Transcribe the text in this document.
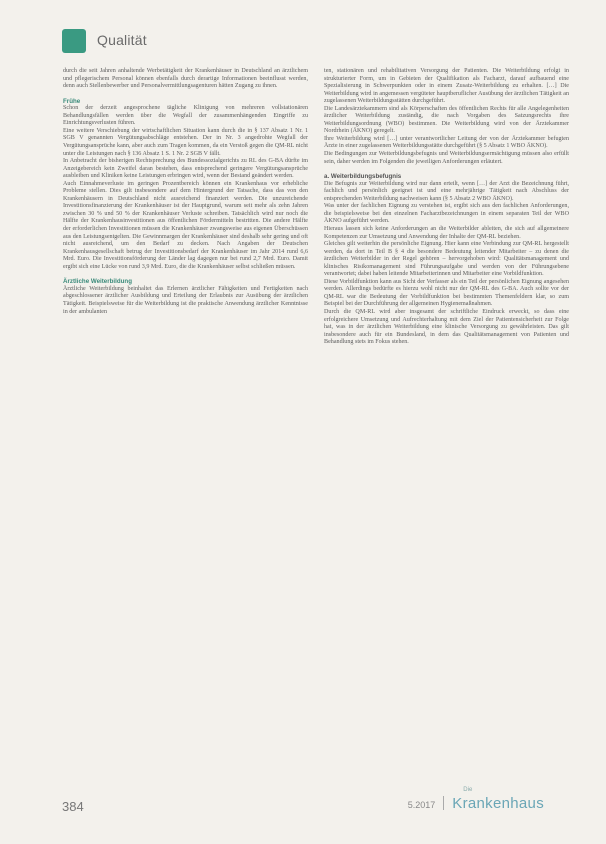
Qualität

durch die seit Jahren anhaltende Werbetätigkeit der Krankenhäuser in Deutschland an ärztlichem und pflegerischem Personal können ebenfalls durch derartige Informationen beeinflusst werden, denn auch Stellenbewerber und Personalvermittlungsagenturen hätten Zugang zu ihnen.

Frühe

Schon der derzeit angesprochene tägliche Klinigung von mehreren vollstationären Behandlungsfällen werden über die Wegfall der zusammenhängenden Eingriffe zu Einrichtungsverlusten führen.

Eine weitere Verschiebung der wirtschaftlichen Situation kann durch die in § 137 Absatz 1 Nr. 1 SGB V genannten Vergütungsabschläge entstehen. Der in Nr. 3 angedrohte Wegfall der Vergütungsansprüche kann, aber auch zum Tragen kommen, da ein Verstoß gegen die QM-RL nicht unter die Leistungen nach § 136 Absatz 1 S. 1 Nr. 2 SGB V fällt.

In Anbetracht der bisherigen Rechtsprechung des Bundessozialgerichts zu RL des G-BA dürfte im Anzeigebereich kein Zweifel daran bestehen, dass entsprechend geringere Vergütungsansprüche ausbleiben und Kliniken keine Leistungen erbringen wird, wenn der Bestand geändert werden.

Auch Einnahmeverluste im geringen Prozentbereich können ein Krankenhaus vor erhebliche Probleme stellen. Dies gilt insbesondere auf dem Hintergrund der Tatsache, dass das von den Krankenhäusern in Deutschland nicht ausreichend finanziert werden. Die unzureichende Investitionsfinanzierung der Krankenhäuser ist der Hauptgrund, warum seit mehr als zehn Jahren zwischen 30 % und 50 % der Krankenhäuser Verluste schreiben. Tatsächlich wird nur noch die Hälfte der Krankenhausinvestitionen aus öffentlichen Fördermitteln bestritten. Die andere Hälfte der erforderlichen Investitionen müssen die Krankenhäuser zwangsweise aus eigenen Überschüssen aus den Leistungsentgelten. Die Gewinnmargen der Krankenhäuser sind deshalb sehr gering und oft nicht ausreichend, um den Bedarf zu decken. Nach Angaben der Deutschen Krankenhausgesellschaft betrug der Investitionsbedarf der Krankenhäuser im Jahr 2014 rund 6,6 Mrd. Euro. Die Investitionsförderung der Länder lag dagegen nur bei rund 2,7 Mrd. Euro. Damit ergibt sich eine Lücke von rund 3,9 Mrd. Euro, die die Krankenhäuser selbst schließen müssen.

Ärztliche Weiterbildung

Ärztliche Weiterbildung beinhaltet das Erlernen ärztlicher Fähigkeiten und Fertigkeiten nach abgeschlossener ärztlicher Ausbildung und Erteilung der Erlaubnis zur Ausübung der ärztlichen Tätigkeit. Beispielsweise für die Weiterbildung ist die praktische Anwendung ärztlicher Kenntnisse in der ambulanten

ten, stationären und rehabilitativen Versorgung der Patienten. Die Weiterbildung erfolgt in strukturierter Form, um in Gebieten der Qualifikation als Facharzt, darauf aufbauend eine Spezialisierung in Schwerpunkten oder in einem Zusatz-Weiterbildung zu erhalten. […] Die Weiterbildung wird in angemessen vergüteter hauptberuflicher Ausübung der ärztlichen Tätigkeit an zugelassenen Weiterbildungsstätten durchgeführt.

Die Landesärztekammern sind als Körperschaften des öffentlichen Rechts für alle Angelegenheiten ärztlicher Weiterbildung zuständig, die nach Vorgaben des Satzungsrechts ihre Weiterbildungsordnung (WBO) bestimmen. Die Weiterbildung wird von der Ärztekammer Nordrhein (ÄKNO) geregelt.

Ihre Weiterbildung wird […] unter verantwortlicher Leitung der von der Ärztekammer befugten Ärzte in einer zugelassenen Weiterbildungsstätte durchgeführt (§ 5 Absatz 1 WBO ÄKNO).

Die Bedingungen zur Weiterbildungsbefugnis und Weiterbildungsermächtigung müssen also erfüllt sein, daher werden im Folgenden die jeweiligen Anforderungen erläutert.

a. Weiterbildungsbefugnis

Die Befugnis zur Weiterbildung wird nur dann erteilt, wenn […] der Arzt die Bezeichnung führt, fachlich und persönlich geeignet ist und eine mehrjährige Tätigkeit nach Abschluss der entsprechenden Weiterbildung nachweisen kann (§ 5 Absatz 2 WBO ÄKNO).

Was unter der fachlichen Eignung zu verstehen ist, ergibt sich aus den fachlichen Anforderungen, die beispielsweise bei den einzelnen Facharztbezeichnungen in einem separaten Teil der WBO ÄKNO aufgeführt werden.

Hieraus lassen sich keine Anforderungen an die Weiterbilder ableiten, die sich auf allgemeinere Kompetenzen zur Umsetzung und Anwendung der Inhalte der QM-RL beziehen.

Gleiches gilt weiterhin die persönliche Eignung. Hier kann eine Verbindung zur QM-RL hergestellt werden, da dort in Teil B § 4 die besondere Bedeutung leitender Mitarbeiter – zu denen die ärztlichen Weiterbilder in der Regel gehören – hervorgehoben wird: Qualitätsmanagement und klinisches Risikomanagement sind Führungsaufgabe und werden von der Führungsebene verantwortet; dabei haben leitende Mitarbeiterinnen und Mitarbeiter eine Vorbildfunktion.

Diese Vorbildfunktion kann aus Sicht der Verfasser als ein Teil der persönlichen Eignung angesehen werden. Allerdings bedürfte es hierzu wohl nicht nur der QM-RL des G-BA. Auch sollte vor der QM-RL war die Bedeutung der Vorbildfunktion bei bestimmten Themenfeldern klar, so zum Beispiel bei der Durchführung der allgemeinen Hygienemaßnahmen.

Durch die QM-RL wird aber insgesamt der schriftliche Eindruck erweckt, so dass eine erfolgreichere Umsetzung und Aufrechterhaltung mit dem Ziel der Patientensicherheit zur Folge hat, was in der ärztlichen Weiterbildung eine klinische Versorgung zu gewährleisten. Das gilt insbesondere auch für ein Bundesland, in dem das Qualitätsmanagement von Patienten und Behandlung stets im Fokus stehen.

384	5.2017
Die
Krankenhaus
